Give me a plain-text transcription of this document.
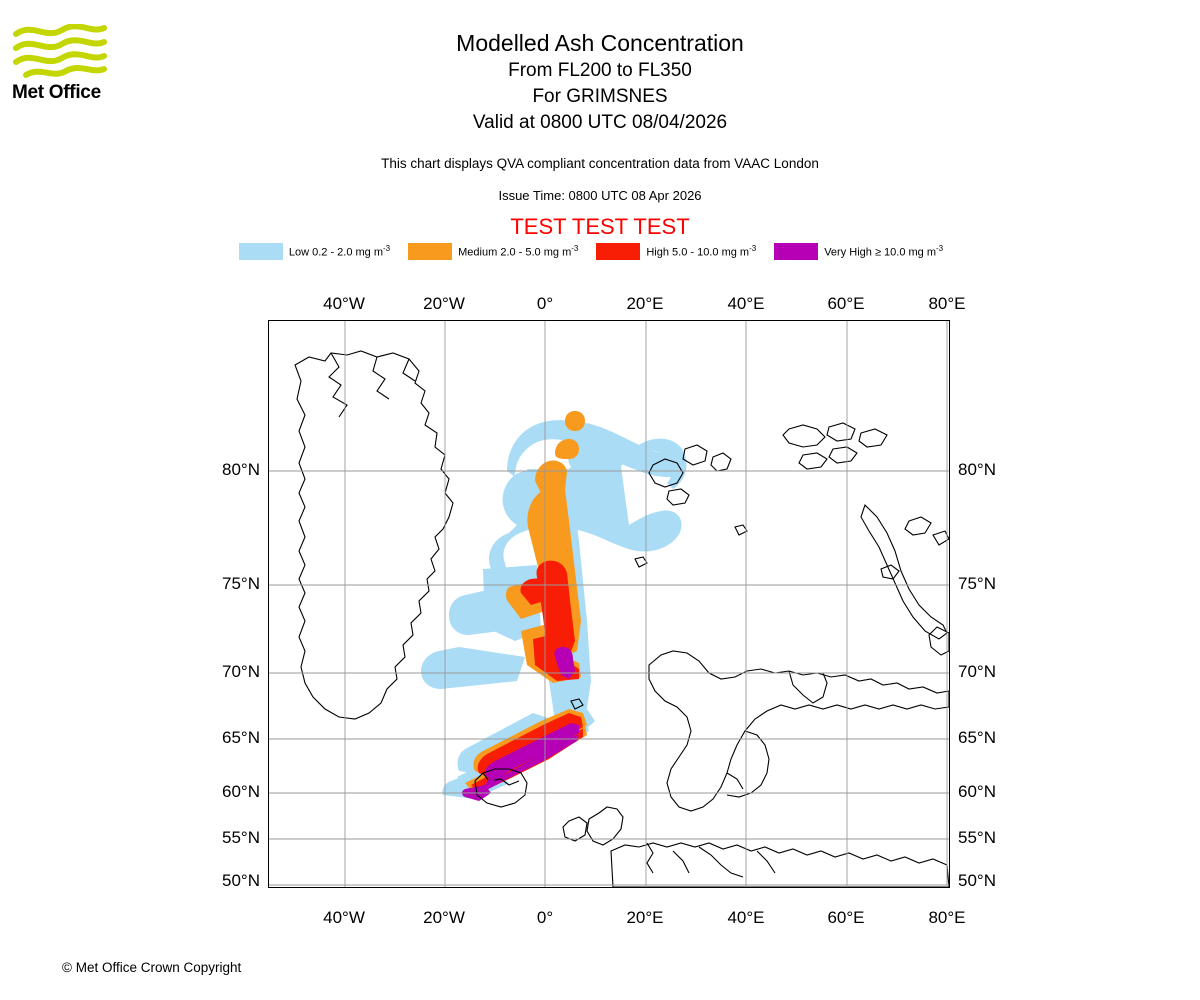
Met Office
Modelled Ash Concentration
From FL200 to FL350
For GRIMSNES
Valid at 0800 UTC 08/04/2026
This chart displays QVA compliant concentration data from VAAC London
Issue Time: 0800 UTC 08 Apr 2026
TEST TEST TEST
Low 0.2 - 2.0 mg $m^{-3}$	Medium 2.0 - 5.0 mg $m^{-3}$	High 5.0 - 10.0 mg $m^{-3}$	Very High ≥ 10.0 mg $m^{-3}$
40°W	20°W	0°	20°E	40°E	60°E	80°E
40°W	20°W	0°	20°E	40°E	60°E	80°E
80°N
75°N
70°N
65°N
60°N
55°N
50°N
80°N
75°N
70°N
65°N
60°N
55°N
50°N
© Met Office Crown Copyright
